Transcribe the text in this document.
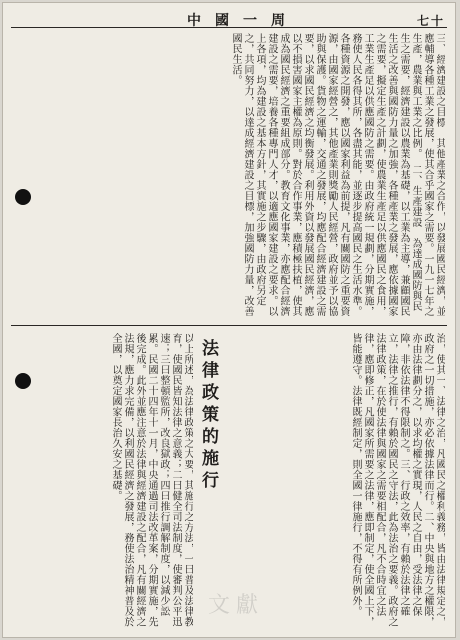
中國一周	七十
三、經濟建設之目標　其他產業之合作，以發展國民經濟，並應輔導各種工業之發展，使其合乎國家之需要。一九一七年之生產，農業與工業之比例。　二、生產建設　為達成國防與民生之需要，經濟建設以農業為基礎，以工業為主導，兼顧國民生活之改善與國防力量之加強，各種產業之發展，應依據國家之需要，擬定生產之計劃，使農業生產足以供應國民之食用，工業生產足以供應國防之需要。由政府統一規劃，分期實施，務使人民各得其所，各盡其能，並逐步提高國民之生活水準。各種資源之開發，應以國家利益為前提，凡有關國防之重要資源，由國家經營之，其他產業則獎勵人民經營，政府並予以協助與保護。貨物之運輸，交通之發展，均應配合經濟建設之需要，以求國民經濟之均衡發展。利用外資以發展國民經濟，應以不損害國家主權為原則。對於合作事業，應積極扶植，使其成為國民經濟之重要組成部分。教育文化事業，亦應配合經濟建設之需要，培養各種專門人才，以適應國家建設之要求。以上各項，均為建設之基本方針，其實施之步驟，由政府另定之，共同努力，以達成經濟建設之目標，加強國防力量，改善國民生活。
治，使其一、法律之治，凡國民之權利義務，皆由法律規定之，政府之一切措施，亦必依據法律而行。二、中央與地方之權限，亦由法律劃分之，以求均權之實現，人民之自由，受法律之保障，非依法律不得限制之。三、行政之效率，有賴於法律之確立，法律之推行，有賴於國民之守法，此為法治之要義。政府之法律政策，在於使法律與國家之需要相配合，凡不合時宜之法律，應即修正，凡國家所需要之法律，應即制定，使全國上下，皆能遵守。法律既經制定，則全國一律施行，不得有所例外。
法律政策的施行
以上所述，為法律政策之大要，其施行之方法，一曰普及法律教育，使國民皆知法律之意義；二曰健全司法制度，使審判公平迅速；三曰整頓監所，改良獄政；四曰推行調解制度，以減少訟累。民國二十四年十一月，中央通過司法改革案，分期實施，先後完成。此外並應注意於法律與經濟建設之配合，凡有關經濟之法規，應力求完備，以利國民經濟之發展，務使法治精神普及於全國，以奠定國家長治久安之基礎。
文獻
